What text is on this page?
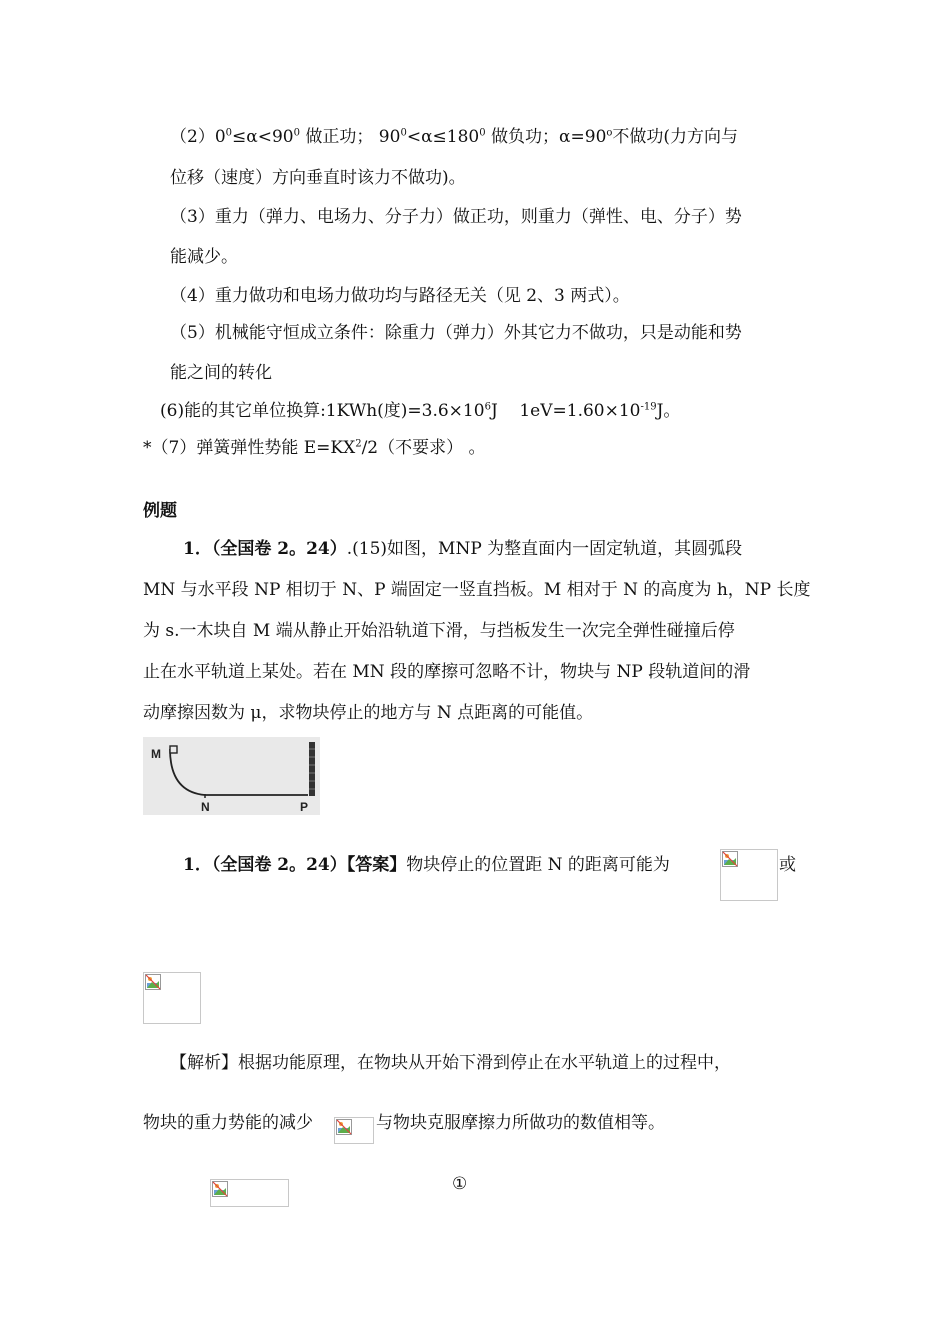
$(2)0^0\le\alpha<90^0$ 做正功； $90^0<\alpha\le 180^0$ 做负功；$\alpha=90^o$不做功(力方向与
位移（速度）方向垂直时该力不做功)。
（3）重力（弹力、电场力、分子力）做正功，则重力（弹性、电、分子）势
能减少。
（4）重力做功和电场力做功均与路径无关（见 2、3 两式）。
（5）机械能守恒成立条件：除重力（弹力）外其它力不做功，只是动能和势
能之间的转化
(6)能的其它单位换算:1KWh(度)$=3.6\times 10^6J$    $1eV=1.60\times 10^{-19}J$。
*（7）弹簧弹性势能 $E=KX^2/2$（不要求） 。
例题
1．（全国卷 2。24）.(15)如图，MNP 为整直面内一固定轨道，其圆弧段
MN 与水平段 NP 相切于 N、P 端固定一竖直挡板。M 相对于 N 的高度为 h，NP 长度
为 s.一木块自 M 端从静止开始沿轨道下滑，与挡板发生一次完全弹性碰撞后停
止在水平轨道上某处。若在 MN 段的摩擦可忽略不计，物块与 NP 段轨道间的滑
动摩擦因数为 μ，求物块停止的地方与 N 点距离的可能值。
M
N	P
1．（全国卷 2。24）【答案】物块停止的位置距 N 的距离可能为	或
【解析】根据功能原理，在物块从开始下滑到停止在水平轨道上的过程中，
物块的重力势能的减少	与物块克服摩擦力所做功的数值相等。
①
